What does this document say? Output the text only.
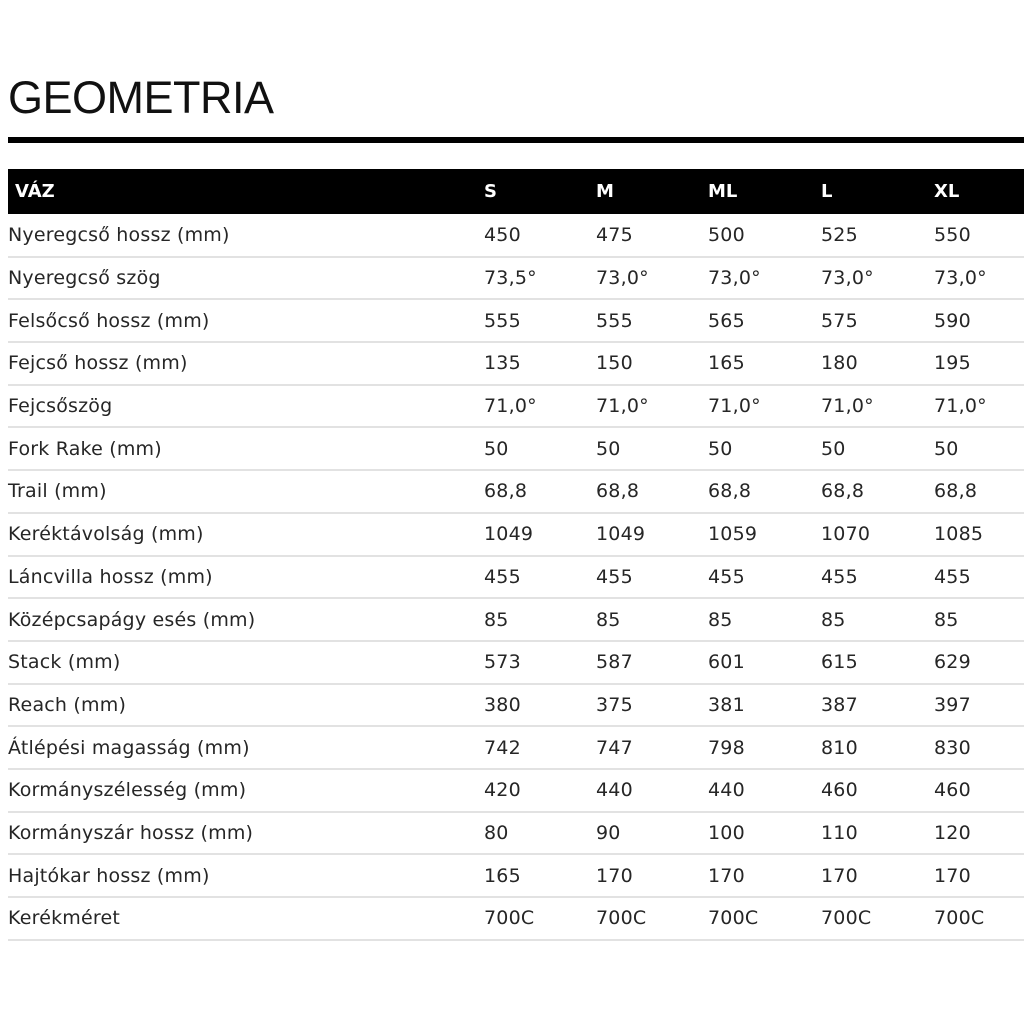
GEOMETRIA
VÁZ	S	M	ML	L	XL
Nyeregcső hossz (mm)	450	475	500	525	550
Nyeregcső szög	73,5°	73,0°	73,0°	73,0°	73,0°
Felsőcső hossz (mm)	555	555	565	575	590
Fejcső hossz (mm)	135	150	165	180	195
Fejcsőszög	71,0°	71,0°	71,0°	71,0°	71,0°
Fork Rake (mm)	50	50	50	50	50
Trail (mm)	68,8	68,8	68,8	68,8	68,8
Keréktávolság (mm)	1049	1049	1059	1070	1085
Láncvilla hossz (mm)	455	455	455	455	455
Középcsapágy esés (mm)	85	85	85	85	85
Stack (mm)	573	587	601	615	629
Reach (mm)	380	375	381	387	397
Átlépési magasság (mm)	742	747	798	810	830
Kormányszélesség (mm)	420	440	440	460	460
Kormányszár hossz (mm)	80	90	100	110	120
Hajtókar hossz (mm)	165	170	170	170	170
Kerékméret	700C	700C	700C	700C	700C
